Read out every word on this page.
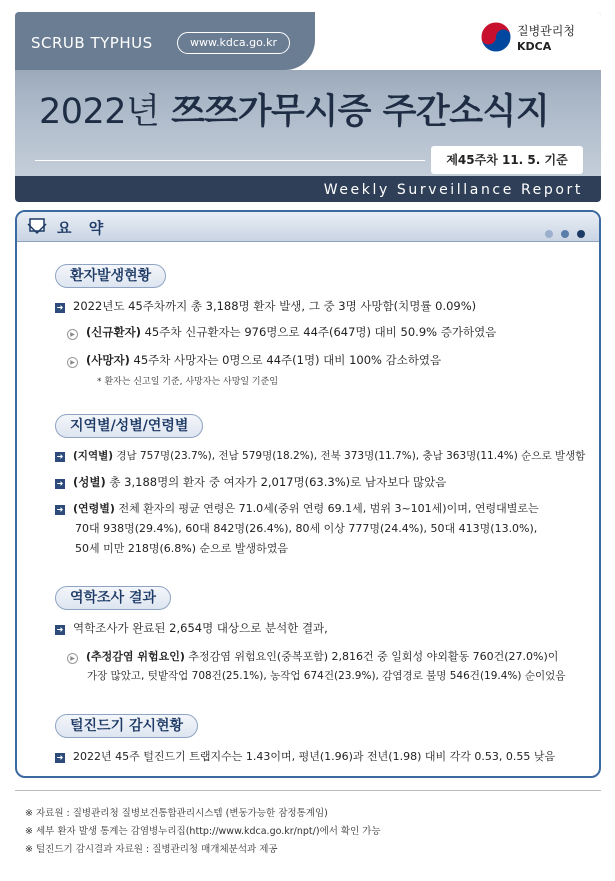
SCRUB TYPHUS	www.kdca.go.kr
질병관리청
KDCA
2022년 쯔쯔가무시증 주간소식지
제45주차 11. 5. 기준
Weekly Surveillance Report
요 약

환자발생현황
➜ 2022년도 45주차까지 총 3,188명 환자 발생, 그 중 3명 사망함(치명률 0.09%)
▶ (신규환자) 45주차 신규환자는 976명으로 44주(647명) 대비 50.9% 증가하였음
▶ (사망자) 45주차 사망자는 0명으로 44주(1명) 대비 100% 감소하였음
* 환자는 신고일 기준, 사망자는 사망일 기준임
지역별/성별/연령별
➜ (지역별) 경남 757명(23.7%), 전남 579명(18.2%), 전북 373명(11.7%), 충남 363명(11.4%) 순으로 발생함
➜ (성별) 총 3,188명의 환자 중 여자가 2,017명(63.3%)로 남자보다 많았음
➜ (연령별) 전체 환자의 평균 연령은 71.0세(중위 연령 69.1세, 범위 3~101세)이며, 연령대별로는
70대 938명(29.4%), 60대 842명(26.4%), 80세 이상 777명(24.4%), 50대 413명(13.0%),
50세 미만 218명(6.8%) 순으로 발생하였음
역학조사 결과
➜ 역학조사가 완료된 2,654명 대상으로 분석한 결과,
▶ (추정감염 위험요인) 추정감염 위험요인(중복포함) 2,816건 중 일회성 야외활동 760건(27.0%)이
가장 많았고, 텃밭작업 708건(25.1%), 농작업 674건(23.9%), 감염경로 불명 546건(19.4%) 순이었음
털진드기 감시현황
➜ 2022년 45주 털진드기 트랩지수는 1.43이며, 평년(1.96)과 전년(1.98) 대비 각각 0.53, 0.55 낮음
※ 자료원 : 질병관리청 질병보건통합관리시스템 (변동가능한 잠정통계임)
※ 세부 환자 발생 통계는 감염병누리집(http://www.kdca.go.kr/npt/)에서 확인 가능
※ 털진드기 감시결과 자료원 : 질병관리청 매개체분석과 제공
